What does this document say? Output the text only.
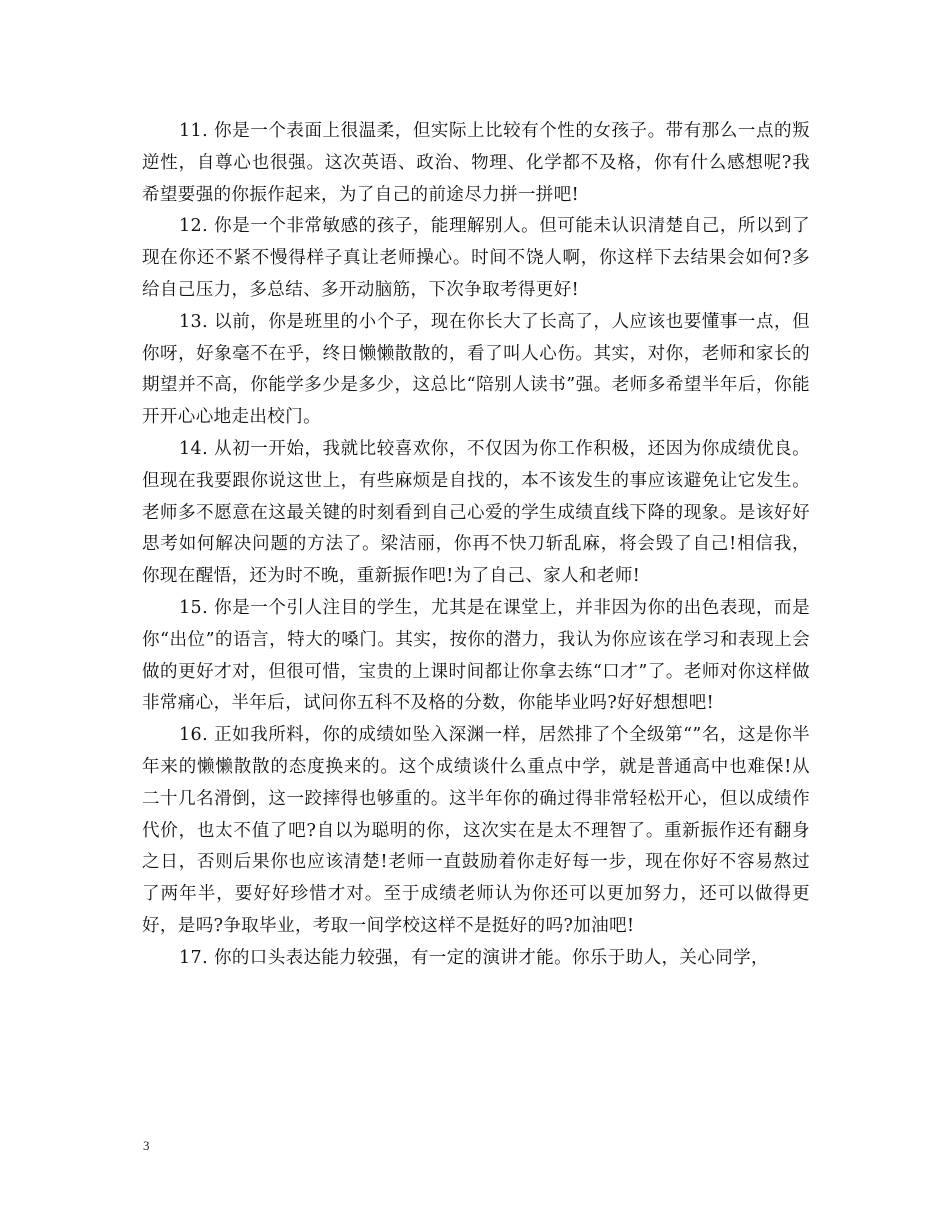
11. 你是一个表面上很温柔，但实际上比较有个性的女孩子。带有那么一点的叛逆性，自尊心也很强。这次英语、政治、物理、化学都不及格，你有什么感想呢?我希望要强的你振作起来，为了自己的前途尽力拼一拼吧!

12. 你是一个非常敏感的孩子，能理解别人。但可能未认识清楚自己，所以到了现在你还不紧不慢得样子真让老师操心。时间不饶人啊，你这样下去结果会如何?多给自己压力，多总结、多开动脑筋，下次争取考得更好!

13. 以前，你是班里的小个子，现在你长大了长高了，人应该也要懂事一点，但你呀，好象毫不在乎，终日懒懒散散的，看了叫人心伤。其实，对你，老师和家长的期望并不高，你能学多少是多少，这总比“陪别人读书”强。老师多希望半年后，你能开开心心地走出校门。

14. 从初一开始，我就比较喜欢你，不仅因为你工作积极，还因为你成绩优良。但现在我要跟你说这世上，有些麻烦是自找的，本不该发生的事应该避免让它发生。老师多不愿意在这最关键的时刻看到自己心爱的学生成绩直线下降的现象。是该好好思考如何解决问题的方法了。梁洁丽，你再不快刀斩乱麻，将会毁了自己!相信我，你现在醒悟，还为时不晚，重新振作吧!为了自己、家人和老师!

15. 你是一个引人注目的学生，尤其是在课堂上，并非因为你的出色表现，而是你“出位”的语言，特大的嗓门。其实，按你的潜力，我认为你应该在学习和表现上会做的更好才对，但很可惜，宝贵的上课时间都让你拿去练“口才”了。老师对你这样做非常痛心，半年后，试问你五科不及格的分数，你能毕业吗?好好想想吧!

16. 正如我所料，你的成绩如坠入深渊一样，居然排了个全级第“”名，这是你半年来的懒懒散散的态度换来的。这个成绩谈什么重点中学，就是普通高中也难保!从二十几名滑倒，这一跤摔得也够重的。这半年你的确过得非常轻松开心，但以成绩作代价，也太不值了吧?自以为聪明的你，这次实在是太不理智了。重新振作还有翻身之日，否则后果你也应该清楚!老师一直鼓励着你走好每一步，现在你好不容易熬过了两年半，要好好珍惜才对。至于成绩老师认为你还可以更加努力，还可以做得更好，是吗?争取毕业，考取一间学校这样不是挺好的吗?加油吧!

17. 你的口头表达能力较强，有一定的演讲才能。你乐于助人，关心同学，

3
